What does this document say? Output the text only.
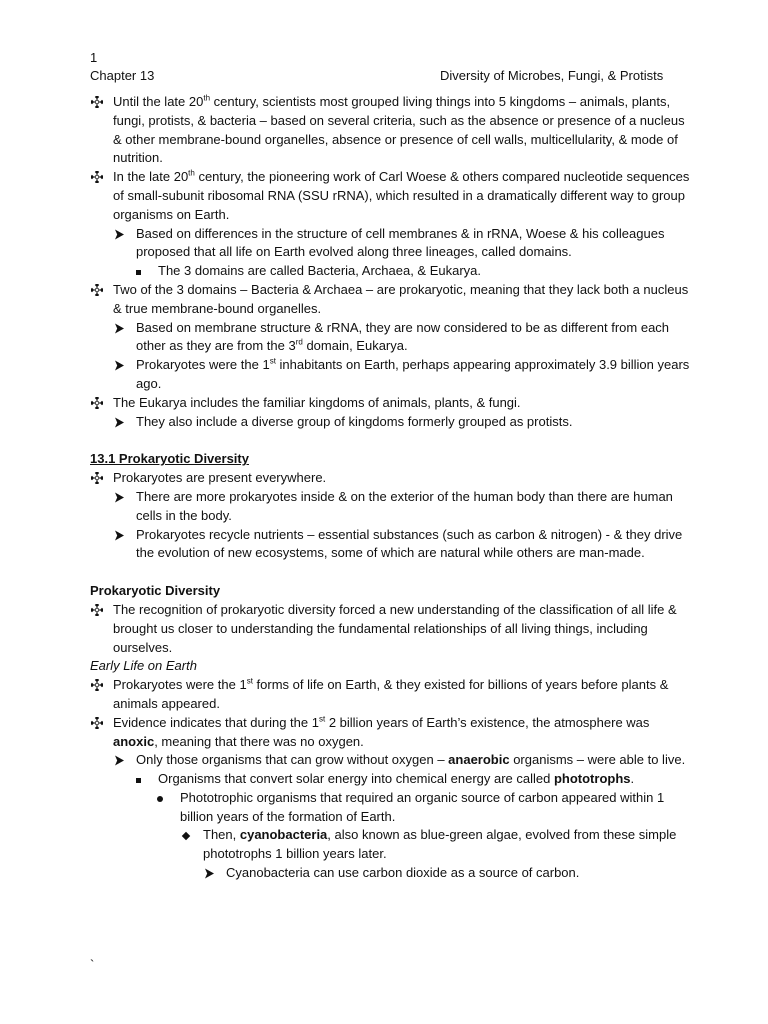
1
Chapter 13	Diversity of Microbes, Fungi, & Protists
Until the late 20th century, scientists most grouped living things into 5 kingdoms – animals, plants, fungi, protists, & bacteria – based on several criteria, such as the absence or presence of a nucleus & other membrane-bound organelles, absence or presence of cell walls, multicellularity, & mode of nutrition.
In the late 20th century, the pioneering work of Carl Woese & others compared nucleotide sequences of small-subunit ribosomal RNA (SSU rRNA), which resulted in a dramatically different way to group organisms on Earth.
Based on differences in the structure of cell membranes & in rRNA, Woese & his colleagues proposed that all life on Earth evolved along three lineages, called domains.
The 3 domains are called Bacteria, Archaea, & Eukarya.
Two of the 3 domains – Bacteria & Archaea – are prokaryotic, meaning that they lack both a nucleus & true membrane-bound organelles.
Based on membrane structure & rRNA, they are now considered to be as different from each other as they are from the 3rd domain, Eukarya.
Prokaryotes were the 1st inhabitants on Earth, perhaps appearing approximately 3.9 billion years ago.
The Eukarya includes the familiar kingdoms of animals, plants, & fungi.
They also include a diverse group of kingdoms formerly grouped as protists.
13.1 Prokaryotic Diversity
Prokaryotes are present everywhere.
There are more prokaryotes inside & on the exterior of the human body than there are human cells in the body.
Prokaryotes recycle nutrients – essential substances (such as carbon & nitrogen) - & they drive the evolution of new ecosystems, some of which are natural while others are man-made.
Prokaryotic Diversity
The recognition of prokaryotic diversity forced a new understanding of the classification of all life & brought us closer to understanding the fundamental relationships of all living things, including ourselves.
Early Life on Earth
Prokaryotes were the 1st forms of life on Earth, & they existed for billions of years before plants & animals appeared.
Evidence indicates that during the 1st 2 billion years of Earth’s existence, the atmosphere was anoxic, meaning that there was no oxygen.
Only those organisms that can grow without oxygen – anaerobic organisms – were able to live.
Organisms that convert solar energy into chemical energy are called phototrophs.
Phototrophic organisms that required an organic source of carbon appeared within 1 billion years of the formation of Earth.
Then, cyanobacteria, also known as blue-green algae, evolved from these simple phototrophs 1 billion years later.
Cyanobacteria can use carbon dioxide as a source of carbon.
`
